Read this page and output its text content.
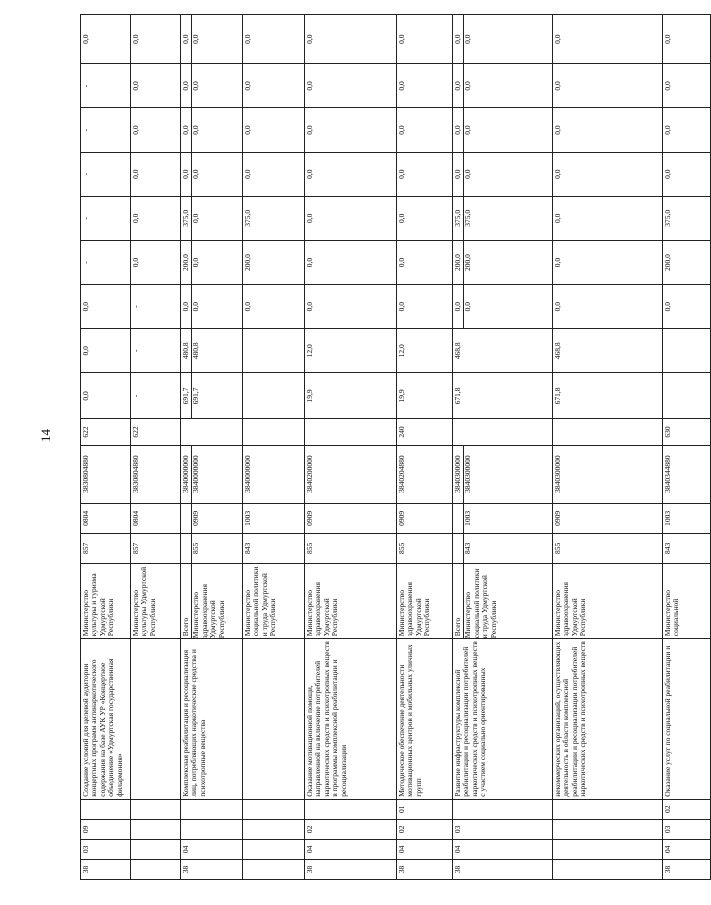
14
38	03	09		Создание условий для целевой аудитории концертных программ антинаркотического содержания на базе АУК УР «Концертное объединение «Удмуртская государственная филармония»	Министерство культуры и туризма Удмуртской Республики	857	0804	3830804880	622	0,0	0,0	0,0	-	-	-	-	-	0,0
					Министерство культуры Удмуртской Республики	857	0804	3830804880	622	-	-	-	0,0	0,0	0,0	0,0	0,0	0,0
38	04			Комплексная реабилитация и ресоциализация лиц, потребляющих наркотические средства и психотропные вещества	Всего Министерство здравоохранения Удмуртской Республики	855	0909	3840000000 3840000000		691,7 691,7	480,8 480,8	0,0 0,0	200,0 0,0	375,0 0,0	0,0 0,0	0,0 0,0	0,0 0,0	0,0 0,0

					Министерство социальной политики и труда Удмуртской Республики	843	1003	3840000000				0,0	200,0	375,0	0,0	0,0	0,0	0,0
38	04	02		Оказание мотивационной помощи, направленной на включение потребителей наркотических средств и психотропных веществ в программы комплексной реабилитации и ресоциализации	Министерство здравоохранения Удмуртской Республики	855	0909	3840200000		19,9	12,0	0,0	0,0	0,0	0,0	0,0	0,0	0,0
38	04	02	01	Методическое обеспечение деятельности мотивационных центров и мобильных уличных групп	Министерство здравоохранения Удмуртской Республики	855	0909	3840204880	240	19,9	12,0	0,0	0,0	0,0	0,0	0,0	0,0	0,0
38	04	03		Развитие инфраструктуры комплексной реабилитации и ресоциализации потребителей наркотических средств и психотропных веществ с участием социально ориентированных	Всего Министерство социальной политики и труда Удмуртской Республики	843	1003	3840300000 3840300000		671,8	468,8	0,0 0,0	200,0 200,0	375,0 375,0	0,0 0,0	0,0 0,0	0,0 0,0	0,0 0,0

				некоммерческих организаций, осуществляющих деятельность в области комплексной реабилитации и ресоциализации потребителей наркотических средств и психотропных веществ	Министерство здравоохранения Удмуртской Республики	855	0909	3840300000		671,8	468,8	0,0	0,0	0,0	0,0	0,0	0,0	0,0
38	04	03	02	Оказание услуг по социальной реабилитации и	Министерство социальной	843	1003	3840344880	630			0,0	200,0	375,0	0,0	0,0	0,0	0,0
